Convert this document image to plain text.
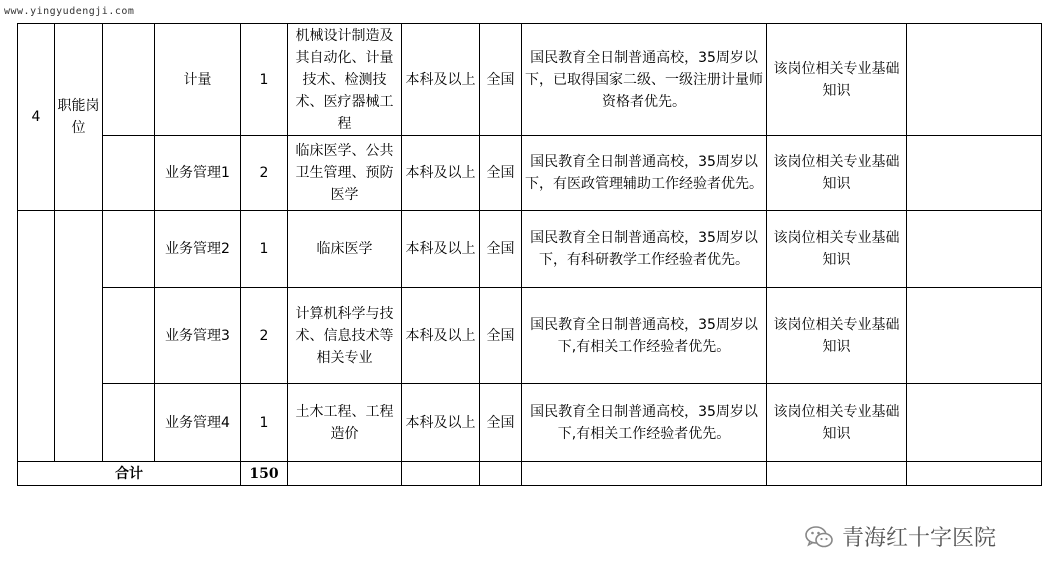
www.yingyudengji.com
4	职能岗位		计量	1	机械设计制造及其自动化、计量技术、检测技术、医疗器械工程	本科及以上	全国	国民教育全日制普通高校，35周岁以下，已取得国家二级、一级注册计量师资格者优先。	该岗位相关专业基础知识	
			业务管理1	2	临床医学、公共卫生管理、预防医学	本科及以上	全国	国民教育全日制普通高校，35周岁以下，有医政管理辅助工作经验者优先。	该岗位相关专业基础知识	
			业务管理2	1	临床医学	本科及以上	全国	国民教育全日制普通高校，35周岁以下，有科研教学工作经验者优先。	该岗位相关专业基础知识	
			业务管理3	2	计算机科学与技术、信息技术等相关专业	本科及以上	全国	国民教育全日制普通高校，35周岁以下,有相关工作经验者优先。	该岗位相关专业基础知识	
			业务管理4	1	土木工程、工程造价	本科及以上	全国	国民教育全日制普通高校，35周岁以下,有相关工作经验者优先。	该岗位相关专业基础知识	
合计				150						
青海红十字医院
